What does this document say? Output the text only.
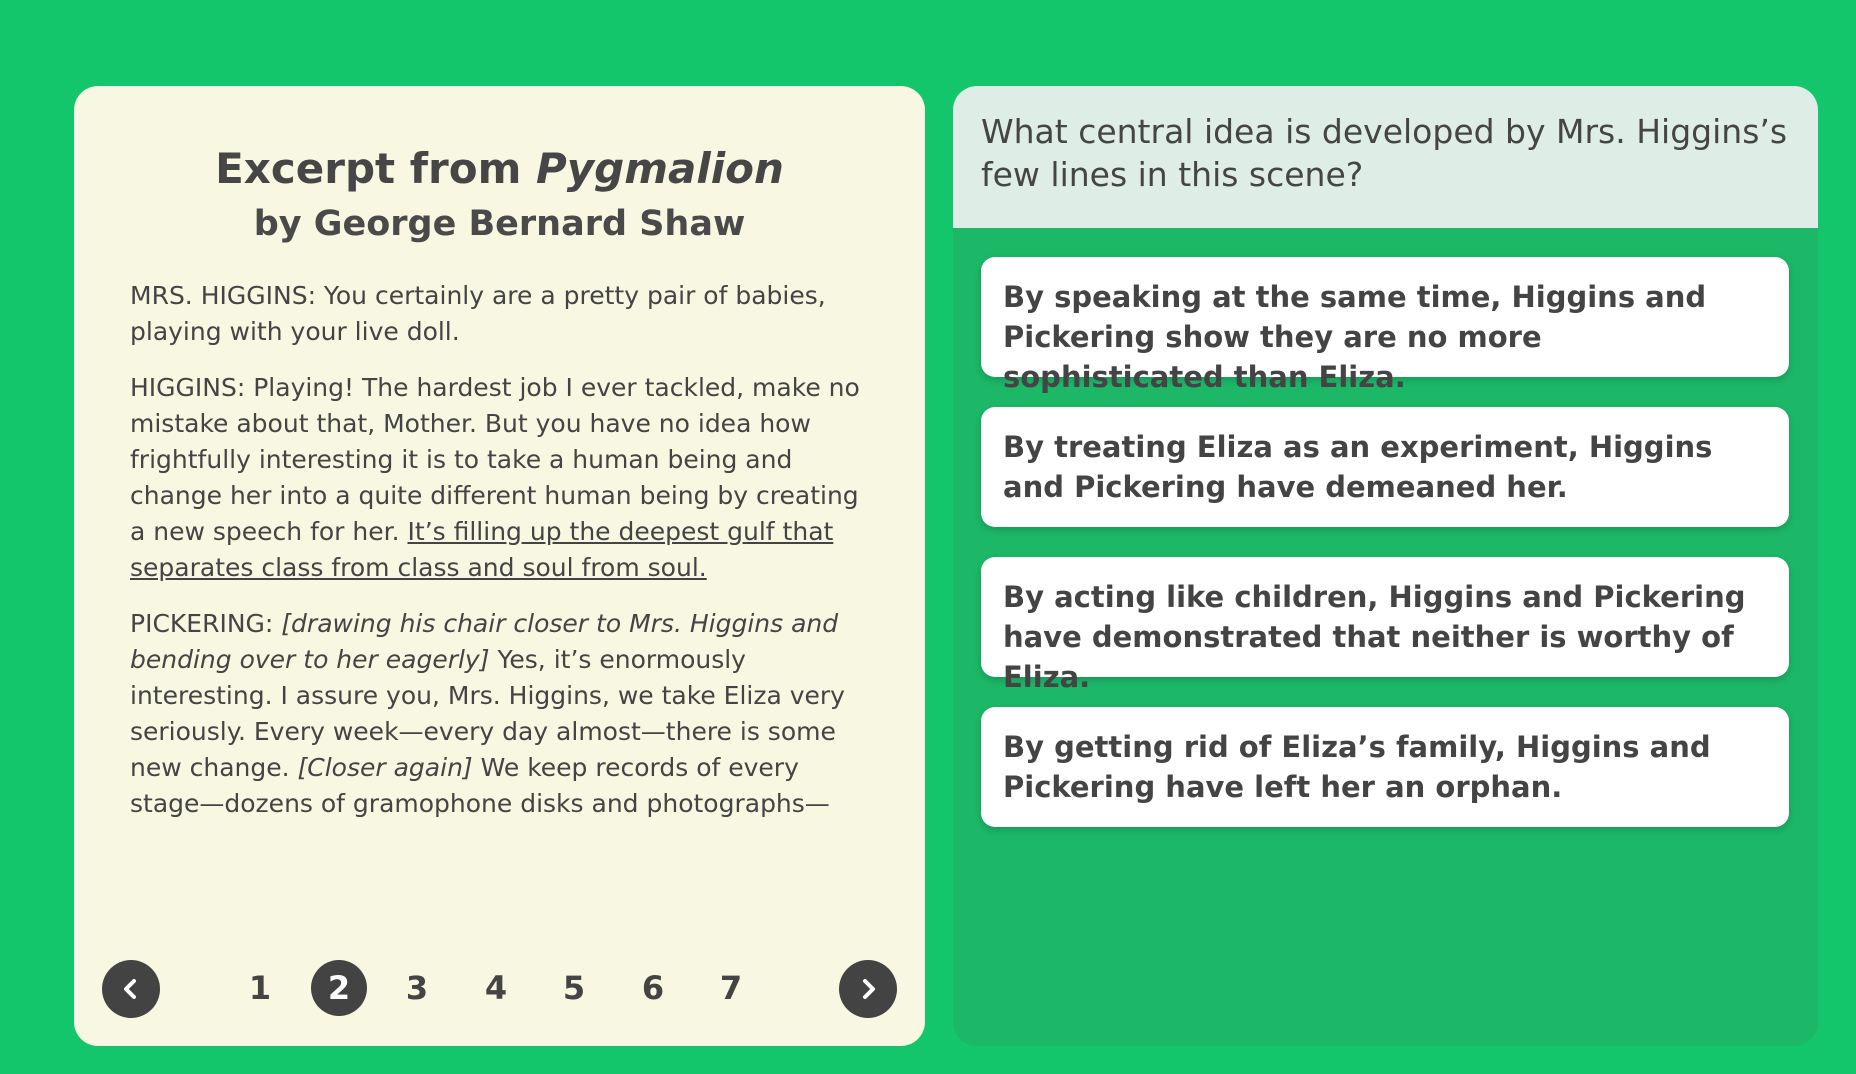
Excerpt from Pygmalion
by George Bernard Shaw

MRS. HIGGINS: You certainly are a pretty pair of babies, playing with your live doll.

HIGGINS: Playing! The hardest job I ever tackled, make no mistake about that, Mother. But you have no idea how frightfully interesting it is to take a human being and change her into a quite different human being by creating a new speech for her. It’s filling up the deepest gulf that separates class from class and soul from soul.

PICKERING: [drawing his chair closer to Mrs. Higgins and bending over to her eagerly] Yes, it’s enormously interesting. I assure you, Mrs. Higgins, we take Eliza very seriously. Every week—every day almost—there is some new change. [Closer again] We keep records of every stage—dozens of gramophone disks and photographs—

1	2	3	4	5	6	7
What central idea is developed by Mrs. Higgins’s few lines in this scene?
By speaking at the same time, Higgins and Pickering show they are no more sophisticated than Eliza.
By treating Eliza as an experiment, Higgins and Pickering have demeaned her.
By acting like children, Higgins and Pickering have demonstrated that neither is worthy of Eliza.
By getting rid of Eliza’s family, Higgins and Pickering have left her an orphan.
